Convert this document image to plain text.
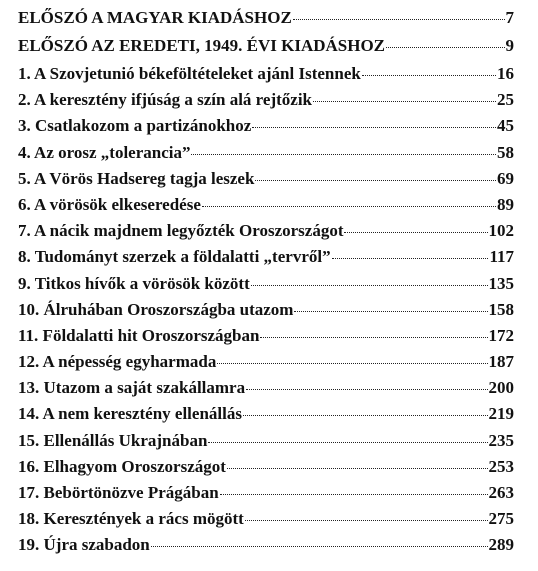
ELŐSZÓ A MAGYAR KIADÁSHOZ	7
ELŐSZÓ AZ EREDETI, 1949. ÉVI KIADÁSHOZ	9
1. A Szovjetunió békeföltételeket ajánl Istennek	16
2. A keresztény ifjúság a szín alá rejtőzik	25
3. Csatlakozom a partizánokhoz	45
4. Az orosz „tolerancia”	58
5. A Vörös Hadsereg tagja leszek	69
6. A vörösök elkeseredése	89
7. A nácik majdnem legyőzték Oroszországot	102
8. Tudományt szerzek a földalatti „tervről”	117
9. Titkos hívők a vörösök között	135
10. Álruhában Oroszországba utazom	158
11. Földalatti hit Oroszországban	172
12. A népesség egyharmada	187
13. Utazom a saját szakállamra	200
14. A nem keresztény ellenállás	219
15. Ellenállás Ukrajnában	235
16. Elhagyom Oroszországot	253
17. Bebörtönözve Prágában	263
18. Keresztények a rács mögött	275
19. Újra szabadon	289
